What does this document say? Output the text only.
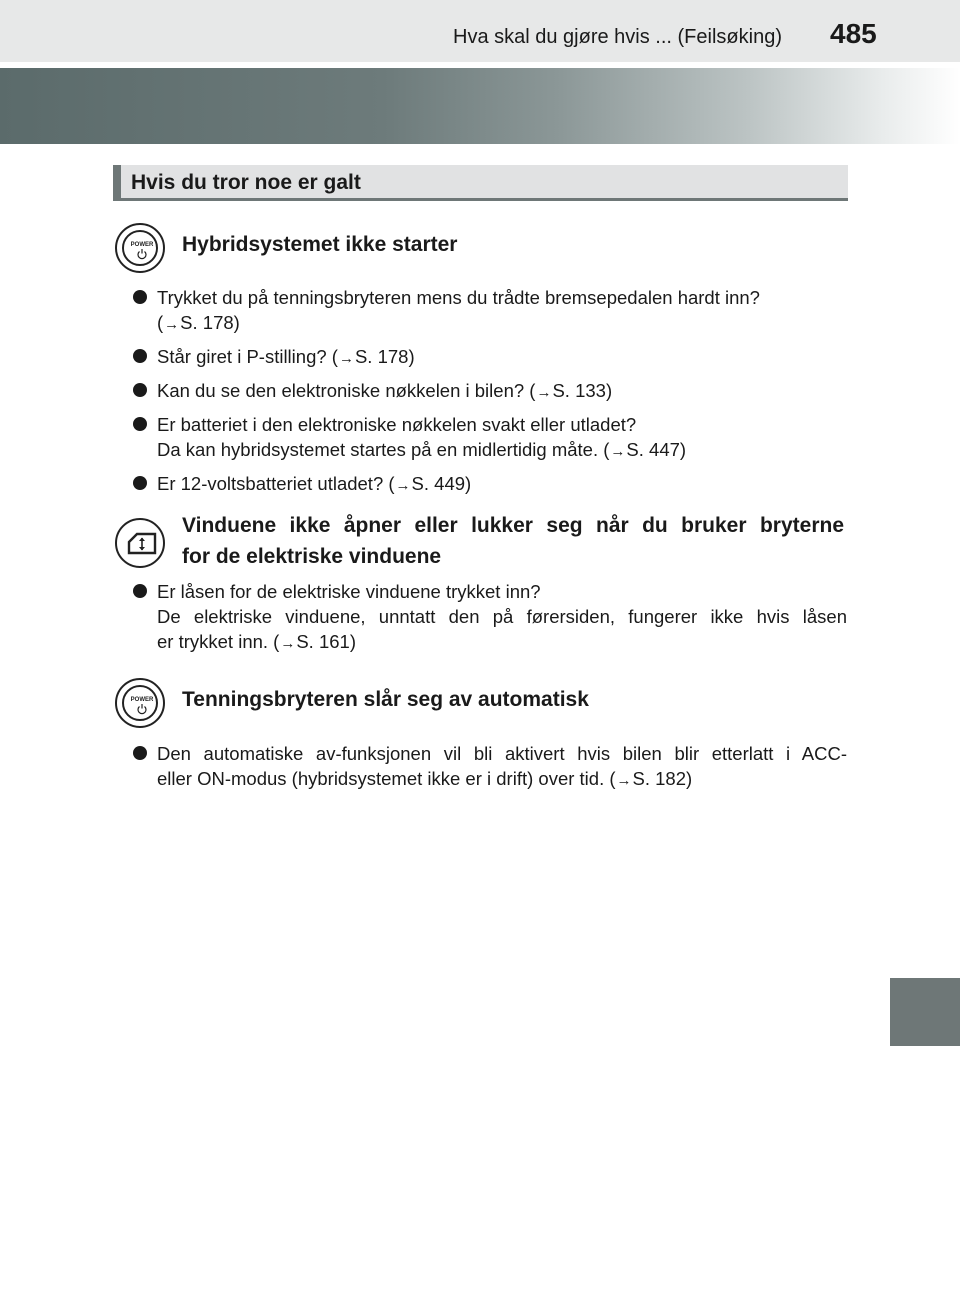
Hva skal du gjøre hvis ... (Feilsøking) 485
Hvis du tror noe er galt
POWER Hybridsystemet ikke starter
Trykket du på tenningsbryteren mens du trådte bremsepedalen hardt inn?
(→S. 178)
Står giret i P-stilling? (→S. 178)
Kan du se den elektroniske nøkkelen i bilen? (→S. 133)
Er batteriet i den elektroniske nøkkelen svakt eller utladet?
Da kan hybridsystemet startes på en midlertidig måte. (→S. 447)
Er 12-voltsbatteriet utladet? (→S. 449)
Vinduene ikke åpner eller lukker seg når du bruker bryterne
for de elektriske vinduene
Er låsen for de elektriske vinduene trykket inn?
De elektriske vinduene, unntatt den på førersiden, fungerer ikke hvis låsen
er trykket inn. (→S. 161)
POWER Tenningsbryteren slår seg av automatisk
Den automatiske av-funksjonen vil bli aktivert hvis bilen blir etterlatt i ACC-
eller ON-modus (hybridsystemet ikke er i drift) over tid. (→S. 182)
